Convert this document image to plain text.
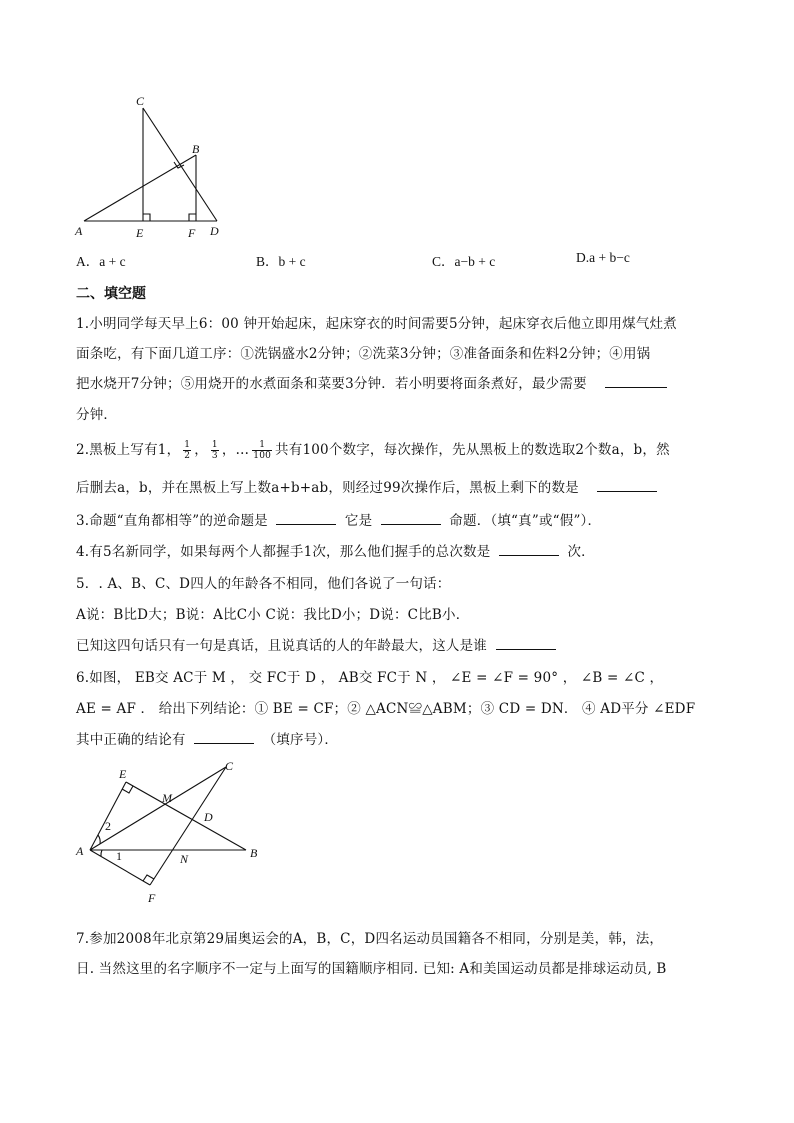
C
B
A	E	F D
A．a + c	B．b + c	C．a−b + c	D.a + b−c
二、填空题
1.小明同学每天早上6：00 钟开始起床，起床穿衣的时间需要5分钟，起床穿衣后他立即用煤气灶煮
面条吃，有下面几道工序：①洗锅盛水2分钟；②洗菜3分钟；③准备面条和佐料2分钟；④用锅
把水烧开7分钟；⑤用烧开的水煮面条和菜要3分钟．若小明要将面条煮好，最少需要
分钟．
2.黑板上写有1， $\frac{1}{2}$ ， $\frac{1}{3}$ ，… $\frac{1}{100}$ 共有100个数字，每次操作，先从黑板上的数选取2个数a，b，然
后删去a，b，并在黑板上写上数a+b+ab，则经过99次操作后，黑板上剩下的数是
3.命题“直角都相等”的逆命题是	它是	命题．（填“真”或“假”）．
4.有5名新同学，如果每两个人都握手1次，那么他们握手的总次数是	次．
5．. A、B、C、D四人的年龄各不相同，他们各说了一句话：
A说：B比D大；B说：A比C小 C说：我比D小；D说：C比B小．
已知这四句话只有一句是真话，且说真话的人的年龄最大，这人是谁
6.如图， EB交 AC于 M ， 交 FC于 D ， AB交 FC于 N ， ∠E = ∠F = 90° ， ∠B = ∠C ，
AE = AF ． 给出下列结论：① BE = CF；② △ACN≌△ABM；③ CD = DN． ④ AD平分 ∠EDF
其中正确的结论有	（填序号）．
E
C
M
D
A
N	B
F
2
1
7.参加2008年北京第29届奥运会的A，B，C，D四名运动员国籍各不相同，分别是美，韩，法，
日. 当然这里的名字顺序不一定与上面写的国籍顺序相同. 已知: A和美国运动员都是排球运动员, B
